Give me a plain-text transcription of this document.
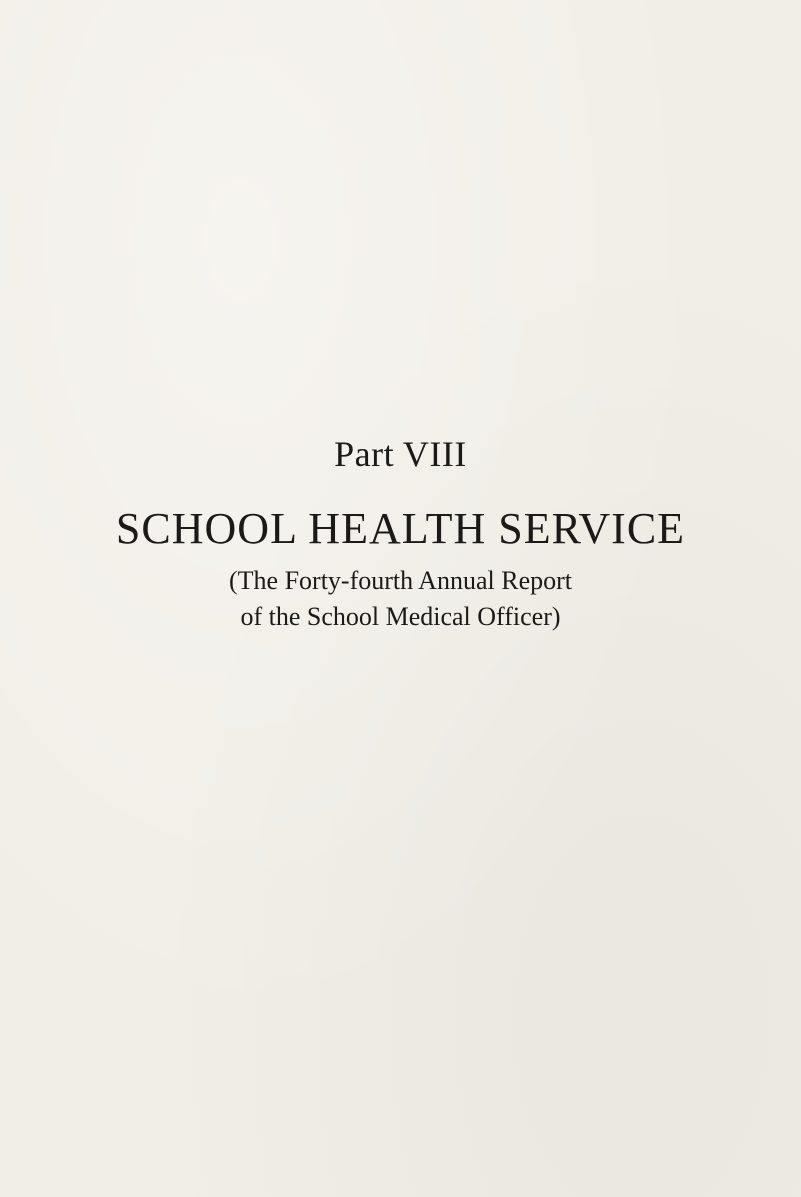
Part VIII
SCHOOL HEALTH SERVICE

(The Forty-fourth Annual Report

of the School Medical Officer)
